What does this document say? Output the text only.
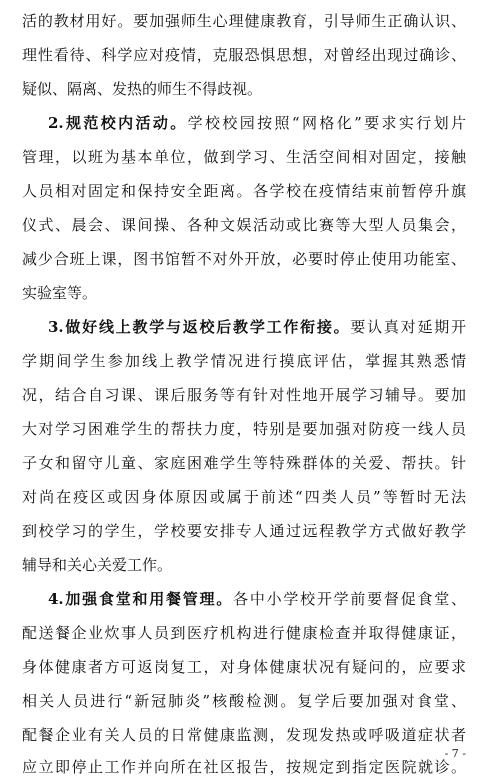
活的教材用好。要加强师生心理健康教育，引导师生正确认识、
理性看待、科学应对疫情，克服恐惧思想，对曾经出现过确诊、
疑似、隔离、发热的师生不得歧视。
2.规范校内活动。学校校园按照“网格化”要求实行划片
管理，以班为基本单位，做到学习、生活空间相对固定，接触
人员相对固定和保持安全距离。各学校在疫情结束前暂停升旗
仪式、晨会、课间操、各种文娱活动或比赛等大型人员集会，
减少合班上课，图书馆暂不对外开放，必要时停止使用功能室、
实验室等。
3.做好线上教学与返校后教学工作衔接。要认真对延期开
学期间学生参加线上教学情况进行摸底评估，掌握其熟悉情
况，结合自习课、课后服务等有针对性地开展学习辅导。要加
大对学习困难学生的帮扶力度，特别是要加强对防疫一线人员
子女和留守儿童、家庭困难学生等特殊群体的关爱、帮扶。针
对尚在疫区或因身体原因或属于前述“四类人员”等暂时无法
到校学习的学生，学校要安排专人通过远程教学方式做好教学
辅导和关心关爱工作。
4.加强食堂和用餐管理。各中小学校开学前要督促食堂、
配送餐企业炊事人员到医疗机构进行健康检查并取得健康证，
身体健康者方可返岗复工，对身体健康状况有疑问的，应要求
相关人员进行“新冠肺炎”核酸检测。复学后要加强对食堂、
配餐企业有关人员的日常健康监测，发现发热或呼吸道症状者
应立即停止工作并向所在社区报告，按规定到指定医院就诊。
- 7 -
